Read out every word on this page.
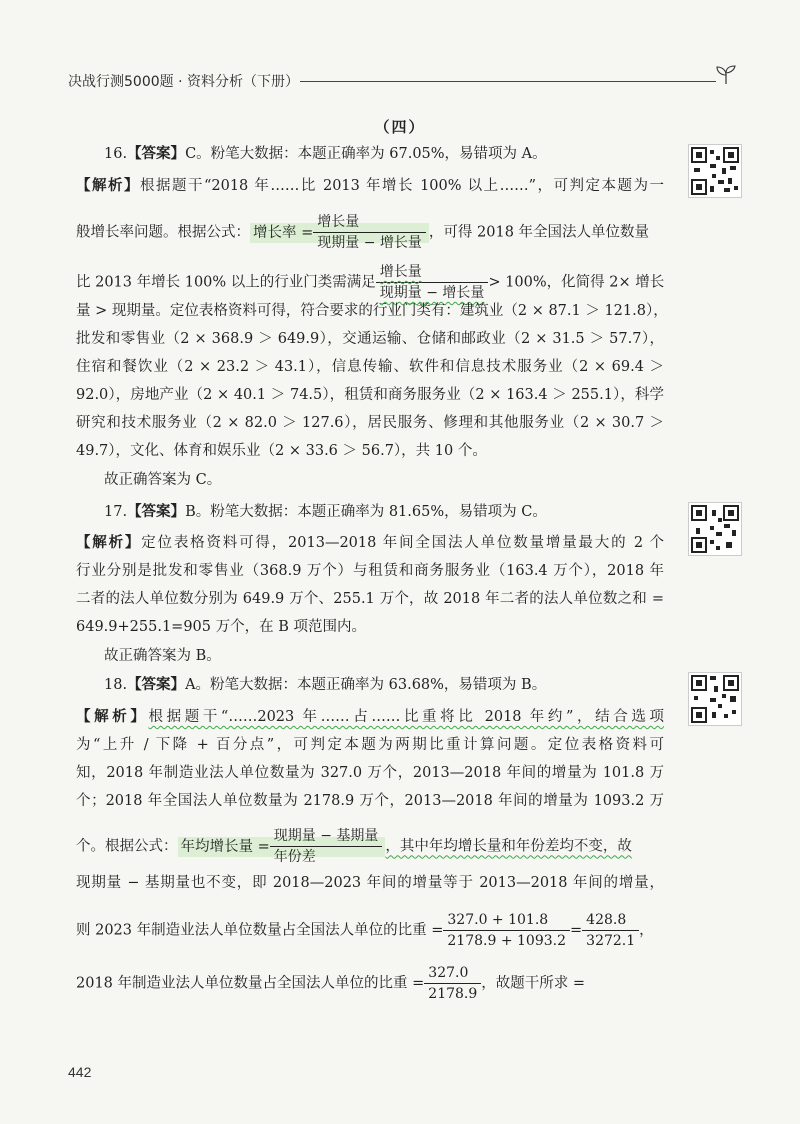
决战行测5000题 · 资料分析（下册）
（四）
16.【答案】C。粉笔大数据：本题正确率为 67.05%，易错项为 A。
【解析】根据题干“2018 年……比 2013 年增长 100% 以上……”，可判定本题为一
般增长率问题。根据公式： 增长率 = $\frac{\text{增长量}}{\text{现期量 − 增长量}}$ ，可得 2018 年全国法人单位数量
比 2013 年增长 100% 以上的行业门类需满足 $\frac{\text{增长量}}{\text{现期量 − 增长量}} > 100\%$，化简得 2× 增长
量 > 现期量。定位表格资料可得，符合要求的行业门类有：建筑业（2 × 87.1 ＞ 121.8），
批发和零售业（2 × 368.9 ＞ 649.9），交通运输、仓储和邮政业（2 × 31.5 ＞ 57.7），
住宿和餐饮业（2 × 23.2 ＞ 43.1），信息传输、软件和信息技术服务业（2 × 69.4 ＞
92.0），房地产业（2 × 40.1 ＞ 74.5），租赁和商务服务业（2 × 163.4 ＞ 255.1），科学
研究和技术服务业（2 × 82.0 ＞ 127.6），居民服务、修理和其他服务业（2 × 30.7 ＞
49.7），文化、体育和娱乐业（2 × 33.6 ＞ 56.7），共 10 个。
故正确答案为 C。
17.【答案】B。粉笔大数据：本题正确率为 81.65%，易错项为 C。
【解析】定位表格资料可得，2013—2018 年间全国法人单位数量增量最大的 2 个
行业分别是批发和零售业（368.9 万个）与租赁和商务服务业（163.4 万个），2018 年
二者的法人单位数分别为 649.9 万个、255.1 万个，故 2018 年二者的法人单位数之和 =
649.9+255.1=905 万个，在 B 项范围内。
故正确答案为 B。
18.【答案】A。粉笔大数据：本题正确率为 63.68%，易错项为 B。
【解析】根据题干“……2023 年……占……比重将比 2018 年约”，结合选项
为“上升 / 下降 + 百分点”，可判定本题为两期比重计算问题。定位表格资料可
知，2018 年制造业法人单位数量为 327.0 万个，2013—2018 年间的增量为 101.8 万
个；2018 年全国法人单位数量为 2178.9 万个，2013—2018 年间的增量为 1093.2 万
个。根据公式： 年均增长量 = $\frac{\text{现期量 − 基期量}}{\text{年份差}}$ ，其中年均增长量和年份差均不变，故
现期量 − 基期量也不变，即 2018—2023 年间的增量等于 2013—2018 年间的增量，
则 2023 年制造业法人单位数量占全国法人单位的比重 = $\frac{327.0 + 101.8}{2178.9 + 1093.2} = \frac{428.8}{3272.1}$ ，
2018 年制造业法人单位数量占全国法人单位的比重 = $\frac{327.0}{2178.9}$ ，故题干所求 =
442
